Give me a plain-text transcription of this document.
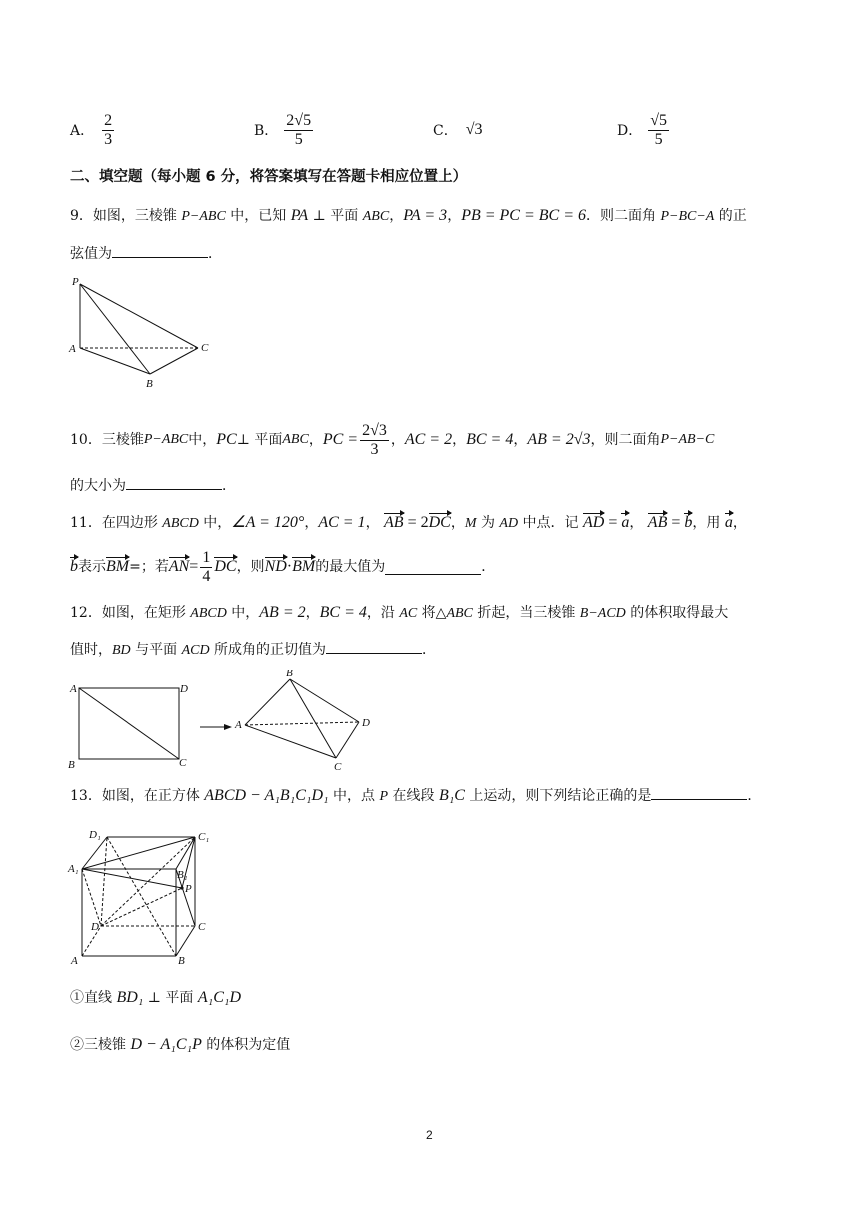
A． $\frac{2}{3}$	B． $\frac{2√5}{5}$	C． √3	D． $\frac{√5}{5}$
二、填空题（每小题 6 分，将答案填写在答题卡相应位置上）
9．如图，三棱锥 P−ABC 中，已知 PA ⊥ 平面 ABC，PA = 3，PB = PC = BC = 6．则二面角 P−BC−A 的正
弦值为	．
P
A
B
C
10．三棱锥 P−ABC 中， PC ⊥ 平面 ABC ， PC = $\frac{2√3}{3}$ ， AC = 2 ， BC = 4 ， AB = 2√3 ，则二面角 P−AB−C
的大小为	．
11．在四边形 ABCD 中，∠A = 120°，AC = 1， AB = 2DC，M 为 AD 中点．记 AD = a， AB = b，用 a，
b 表示 BM =；若 AN = $\frac{1}{4}$ DC ，则 ND · BM 的最大值为	．
12．如图，在矩形 ABCD 中，AB = 2，BC = 4，沿 AC 将△ABC 折起，当三棱锥 B−ACD 的体积取得最大
值时，BD 与平面 ACD 所成角的正切值为	．
A	D
B	C
B
A	D
C
13．如图，在正方体 ABCD − A₁B₁C₁D₁ 中，点 P 在线段 B₁C 上运动，则下列结论正确的是	．
D₁	C₁
A₁	B₁
P
D	C
A	B
①直线 BD₁ ⊥ 平面 A₁C₁D
②三棱锥 D − A₁C₁P 的体积为定值
2
